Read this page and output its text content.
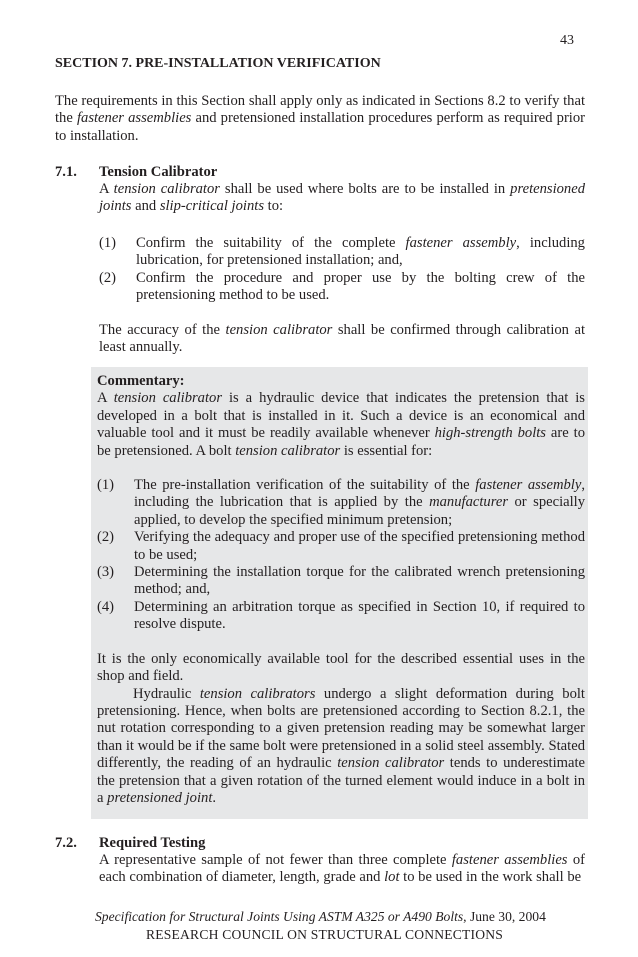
43
SECTION 7. PRE-INSTALLATION VERIFICATION
The requirements in this Section shall apply only as indicated in Sections 8.2 to verify that the fastener assemblies and pretensioned installation procedures perform as required prior to installation.
7.1. Tension Calibrator
A tension calibrator shall be used where bolts are to be installed in pretensioned joints and slip-critical joints to:
(1)	Confirm the suitability of the complete fastener assembly, including lubrication, for pretensioned installation; and,
(2)	Confirm the procedure and proper use by the bolting crew of the pretensioning method to be used.
The accuracy of the tension calibrator shall be confirmed through calibration at least annually.
Commentary:
A tension calibrator is a hydraulic device that indicates the pretension that is developed in a bolt that is installed in it. Such a device is an economical and valuable tool and it must be readily available whenever high-strength bolts are to be pretensioned. A bolt tension calibrator is essential for:
(1)	The pre-installation verification of the suitability of the fastener assembly, including the lubrication that is applied by the manufacturer or specially applied, to develop the specified minimum pretension;
(2)	Verifying the adequacy and proper use of the specified pretensioning method to be used;
(3)	Determining the installation torque for the calibrated wrench pretensioning method; and,
(4)	Determining an arbitration torque as specified in Section 10, if required to resolve dispute.
It is the only economically available tool for the described essential uses in the shop and field.
Hydraulic tension calibrators undergo a slight deformation during bolt pretensioning. Hence, when bolts are pretensioned according to Section 8.2.1, the nut rotation corresponding to a given pretension reading may be somewhat larger than it would be if the same bolt were pretensioned in a solid steel assembly. Stated differently, the reading of an hydraulic tension calibrator tends to underestimate the pretension that a given rotation of the turned element would induce in a bolt in a pretensioned joint.
7.2. Required Testing
A representative sample of not fewer than three complete fastener assemblies of each combination of diameter, length, grade and lot to be used in the work shall be
Specification for Structural Joints Using ASTM A325 or A490 Bolts, June 30, 2004
RESEARCH COUNCIL ON STRUCTURAL CONNECTIONS
